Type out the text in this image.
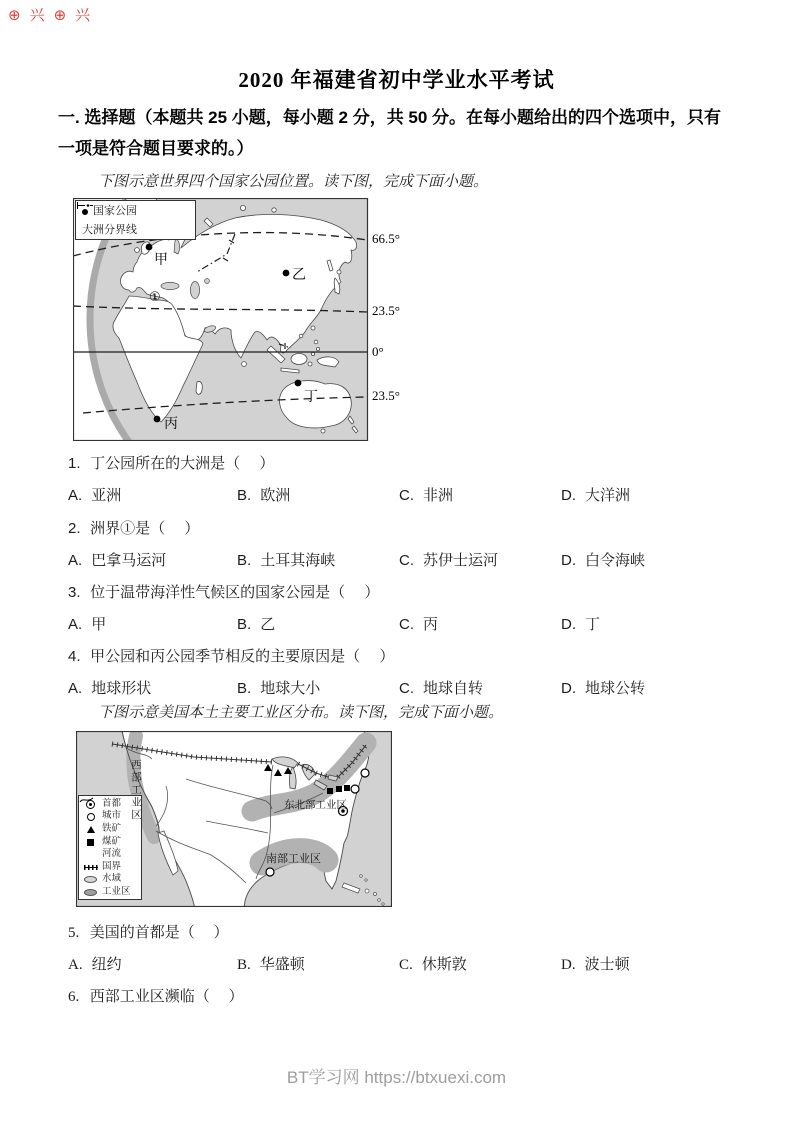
⊕兴⊕兴
2020 年福建省初中学业水平考试
一. 选择题（本题共 25 小题，每小题 2 分，共 50 分。在每小题给出的四个选项中，只有一项是符合题目要求的。）
下图示意世界四个国家公园位置。读下图，完成下面小题。
国家公园
大洲分界线
66.5°
23.5°
0°
23.5°
甲
乙
丙
丁
①
1. 丁公园所在的大洲是（　 ）
A. 亚洲	B. 欧洲	C. 非洲	D. 大洋洲
2. 洲界①是（　 ）
A. 巴拿马运河	B. 土耳其海峡	C. 苏伊士运河	D. 白令海峡
3. 位于温带海洋性气候区的国家公园是（　 ）
A. 甲	B. 乙	C. 丙	D. 丁
4. 甲公园和丙公园季节相反的主要原因是（　 ）
A. 地球形状	B. 地球大小	C. 地球自转	D. 地球公转
下图示意美国本土主要工业区分布。读下图，完成下面小题。
首都
城市
铁矿
煤矿
河流
国界
水域
工业区
西部工业区	东北部工业区
南部工业区
5. 美国的首都是（　 ）
A. 纽约	B. 华盛顿	C. 休斯敦	D. 波士顿
6. 西部工业区濒临（　 ）
BT学习网 https://btxuexi.com
